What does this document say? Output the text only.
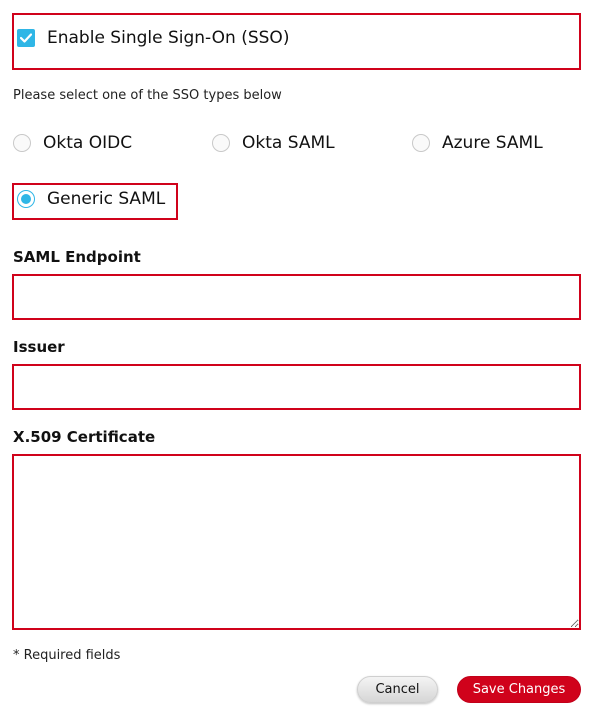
Enable Single Sign-On (SSO)
Please select one of the SSO types below
Okta OIDC	Okta SAML	Azure SAML
Generic SAML
SAML Endpoint
Issuer
X.509 Certificate
* Required fields
Cancel	Save Changes
